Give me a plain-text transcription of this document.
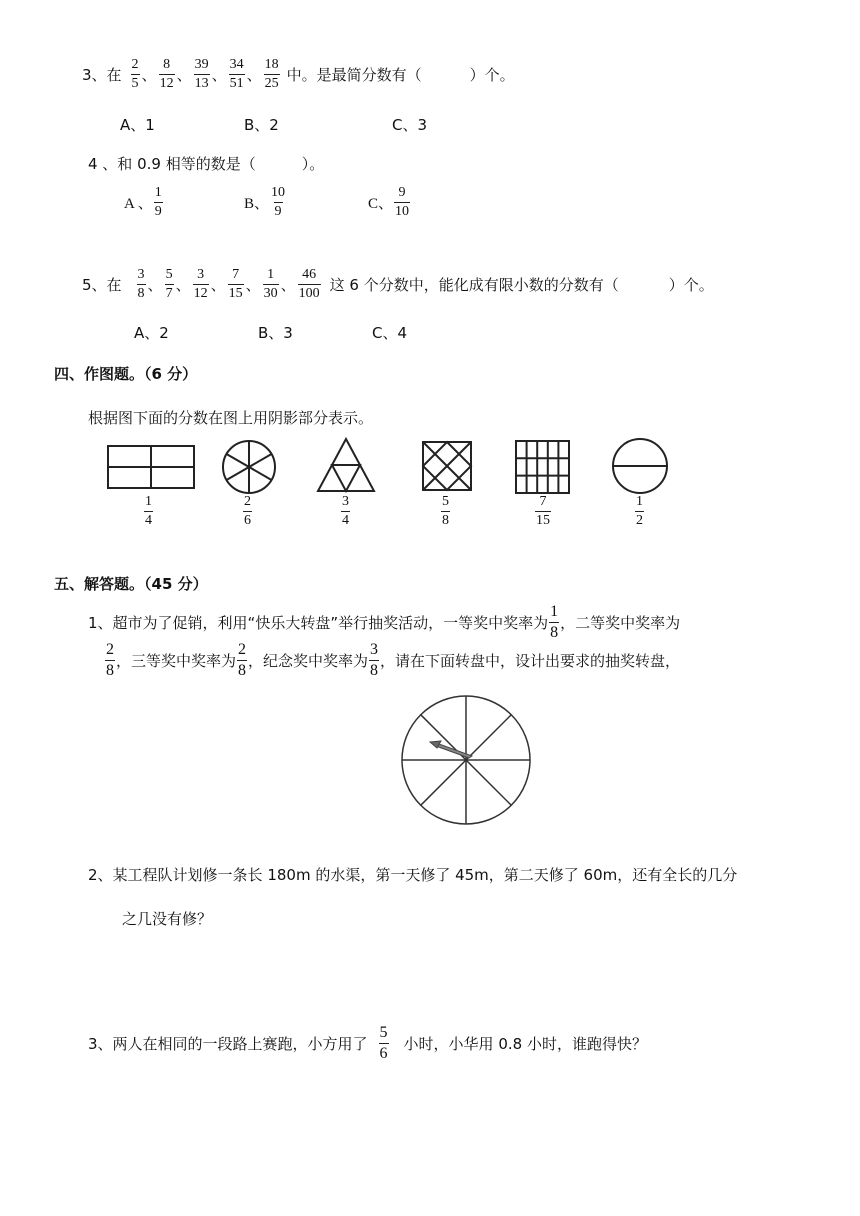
3、在 $\frac{2}{5}$ 、 $\frac{8}{12}$ 、 $\frac{39}{13}$ 、 $\frac{34}{51}$ 、 $\frac{18}{25}$ 中。是最简分数有（	）个。
A、1	B、2	C、3
4 、和 0.9 相等的数是（	）。
A 、 $\frac{1}{9}$	B、 $\frac{10}{9}$	C、 $\frac{9}{10}$
5、在 $\frac{3}{8}$ 、 $\frac{5}{7}$ 、 $\frac{3}{12}$ 、 $\frac{7}{15}$ 、 $\frac{1}{30}$ 、 $\frac{46}{100}$ 这 6 个分数中，能化成有限小数的分数有（	）个。
A、2	B、3	C、4
四、作图题。（6 分）
根据图下面的分数在图上用阴影部分表示。
$\frac{1}{4}$	$\frac{2}{6}$	$\frac{3}{4}$	$\frac{5}{8}$	$\frac{7}{15}$	$\frac{1}{2}$
五、解答题。（45 分）
1、超市为了促销，利用“快乐大转盘”举行抽奖活动，一等奖中奖率为 $\frac{1}{8}$ ，二等奖中奖率为
$\frac{2}{8}$ ，三等奖中奖率为 $\frac{2}{8}$ ，纪念奖中奖率为 $\frac{3}{8}$ ，请在下面转盘中，设计出要求的抽奖转盘，
2、某工程队计划修一条长 180m 的水渠，第一天修了 45m，第二天修了 60m，还有全长的几分
之几没有修？
3、两人在相同的一段路上赛跑，小方用了 $\frac{5}{6}$ 小时，小华用 0.8 小时，谁跑得快？
